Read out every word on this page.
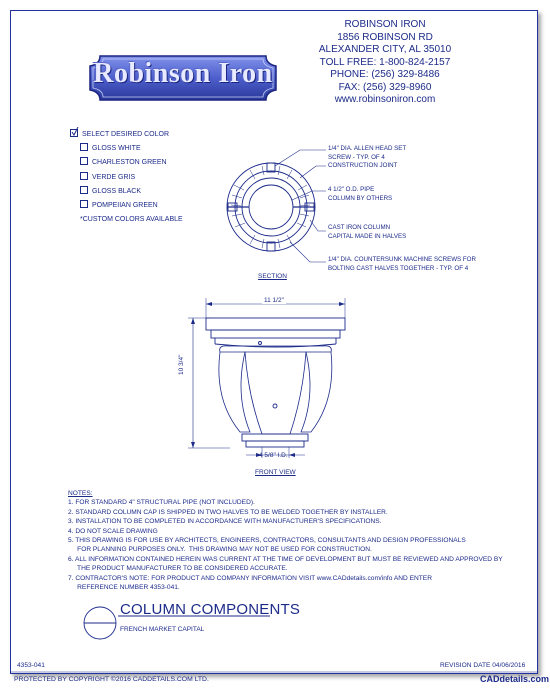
Robinson Iron
ROBINSON IRON
1856 ROBINSON RD
ALEXANDER CITY, AL 35010
TOLL FREE: 1-800-824-2157
PHONE: (256) 329-8486
FAX: (256) 329-8960
www.robinsoniron.com
SELECT DESIRED COLOR
GLOSS WHITE
CHARLESTON GREEN
VERDE GRIS
GLOSS BLACK
POMPEIIAN GREEN
*CUSTOM COLORS AVAILABLE
1/4" DIA. ALLEN HEAD SET
SCREW - TYP. OF 4
CONSTRUCTION JOINT
4 1/2" O.D. PIPE
COLUMN BY OTHERS
CAST IRON COLUMN
CAPITAL MADE IN HALVES
1/4" DIA. COUNTERSUNK MACHINE SCREWS FOR
BOLTING CAST HALVES TOGETHER - TYP. OF 4
SECTION
11 1/2"
10 3/4"
4 5/8" I.D.
FRONT VIEW
NOTES:
1. FOR STANDARD 4" STRUCTURAL PIPE (NOT INCLUDED).
2. STANDARD COLUMN CAP IS SHIPPED IN TWO HALVES TO BE WELDED TOGETHER BY INSTALLER.
3. INSTALLATION TO BE COMPLETED IN ACCORDANCE WITH MANUFACTURER'S SPECIFICATIONS.
4. DO NOT SCALE DRAWING
5. THIS DRAWING IS FOR USE BY ARCHITECTS, ENGINEERS, CONTRACTORS, CONSULTANTS AND DESIGN PROFESSIONALS
FOR PLANNING PURPOSES ONLY.  THIS DRAWING MAY NOT BE USED FOR CONSTRUCTION.
6. ALL INFORMATION CONTAINED HEREIN WAS CURRENT AT THE TIME OF DEVELOPMENT BUT MUST BE REVIEWED AND APPROVED BY
THE PRODUCT MANUFACTURER TO BE CONSIDERED ACCURATE.
7. CONTRACTOR'S NOTE: FOR PRODUCT AND COMPANY INFORMATION VISIT www.CADdetails.com/info AND ENTER
REFERENCE NUMBER 4353-041.
COLUMN COMPONENTS
FRENCH MARKET CAPITAL
4353-041	REVISION DATE 04/06/2016
PROTECTED BY COPYRIGHT ©2016 CADDETAILS.COM LTD.	CADdetails.com
